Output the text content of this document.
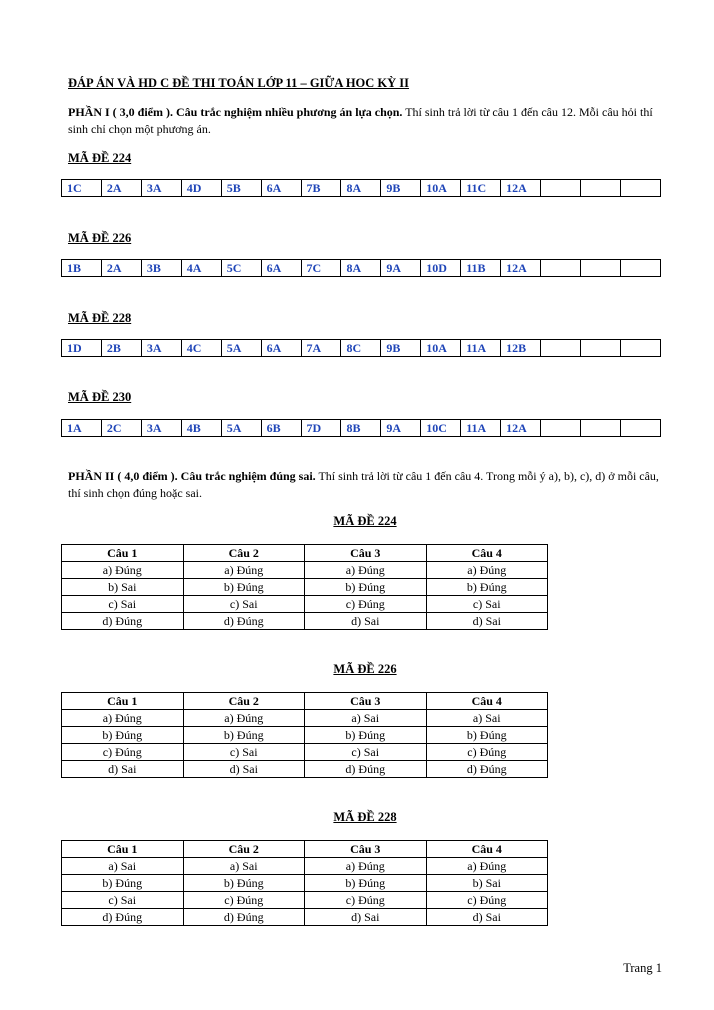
ĐÁP ÁN VÀ HD C ĐỀ THI TOÁN LỚP 11 – GIỮA HOC KỲ II
PHẦN I ( 3,0 điểm ). Câu trắc nghiệm nhiều phương án lựa chọn. Thí sinh trả lời từ câu 1 đến câu 12. Mỗi câu hỏi thí sinh chỉ chọn một phương án.
MÃ ĐỀ 224
1C	2A	3A	4D	5B	6A	7B	8A	9B	10A	11C	12A			
MÃ ĐỀ 226
1B	2A	3B	4A	5C	6A	7C	8A	9A	10D	11B	12A			
MÃ ĐỀ 228
1D	2B	3A	4C	5A	6A	7A	8C	9B	10A	11A	12B			
MÃ ĐỀ 230
1A	2C	3A	4B	5A	6B	7D	8B	9A	10C	11A	12A			
PHẦN II ( 4,0 điểm ). Câu trắc nghiệm đúng sai. Thí sinh trả lời từ câu 1 đến câu 4. Trong mỗi ý a), b), c), d) ở mỗi câu, thí sinh chọn đúng hoặc sai.
MÃ ĐỀ 224
Câu 1	Câu 2	Câu 3	Câu 4
a) Đúng	a) Đúng	a) Đúng	a) Đúng
b) Sai	b) Đúng	b) Đúng	b) Đúng
c) Sai	c) Sai	c) Đúng	c) Sai
d) Đúng	d) Đúng	d) Sai	d) Sai
MÃ ĐỀ 226
Câu 1	Câu 2	Câu 3	Câu 4
a) Đúng	a) Đúng	a) Sai	a) Sai
b) Đúng	b) Đúng	b) Đúng	b) Đúng
c) Đúng	c) Sai	c) Sai	c) Đúng
d) Sai	d) Sai	d) Đúng	d) Đúng
MÃ ĐỀ 228
Câu 1	Câu 2	Câu 3	Câu 4
a) Sai	a) Sai	a) Đúng	a) Đúng
b) Đúng	b) Đúng	b) Đúng	b) Sai
c) Sai	c) Đúng	c) Đúng	c) Đúng
d) Đúng	d) Đúng	d) Sai	d) Sai
Trang 1
